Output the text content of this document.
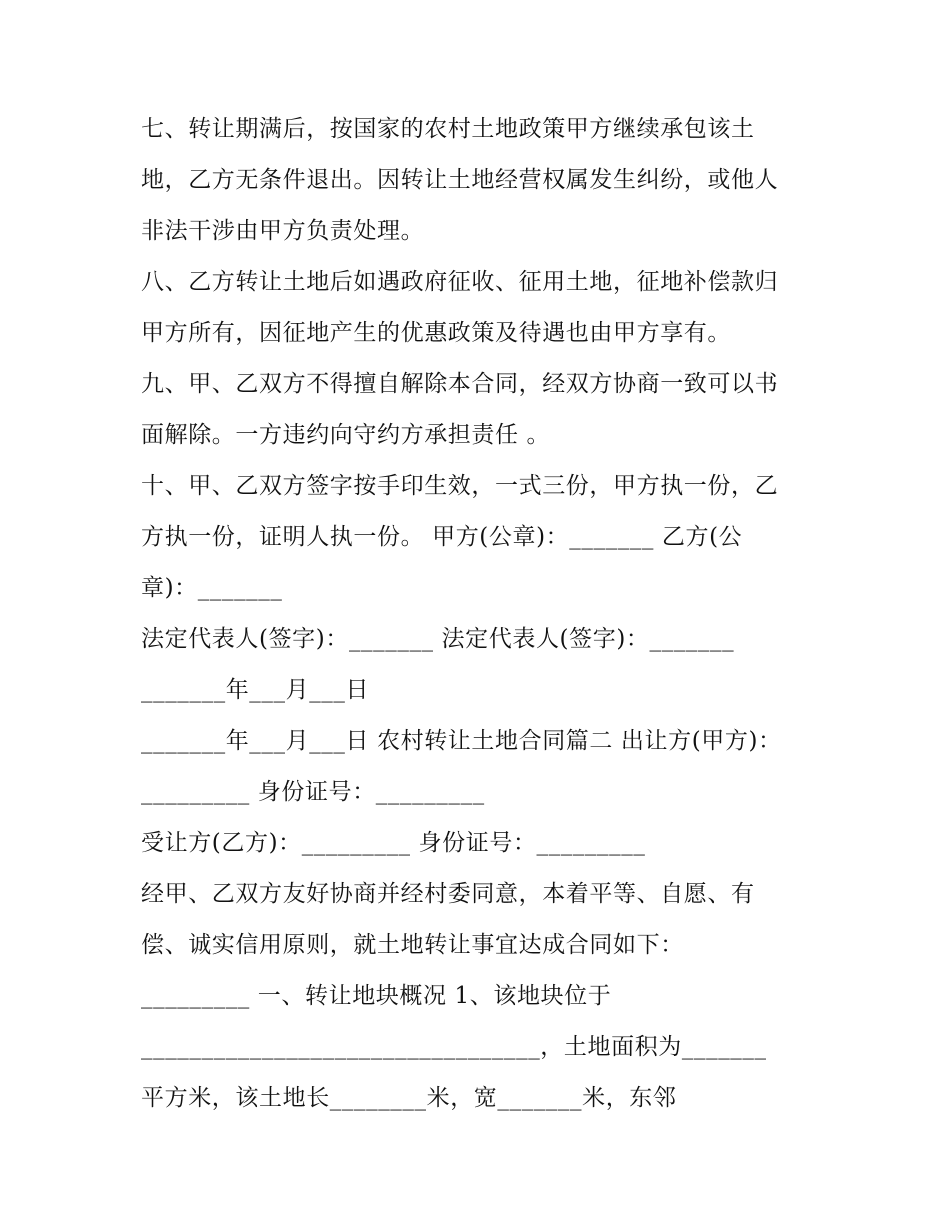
七、转让期满后，按国家的农村土地政策甲方继续承包该土
地，乙方无条件退出。因转让土地经营权属发生纠纷，或他人
非法干涉由甲方负责处理。
八、乙方转让土地后如遇政府征收、征用土地，征地补偿款归
甲方所有，因征地产生的优惠政策及待遇也由甲方享有。
九、甲、乙双方不得擅自解除本合同，经双方协商一致可以书
面解除。一方违约向守约方承担责任 。
十、甲、乙双方签字按手印生效，一式三份，甲方执一份，乙
方执一份，证明人执一份。 甲方(公章)：_______ 乙方(公
章)：_______
法定代表人(签字)：_______ 法定代表人(签字)：_______
_______年___月___日
_______年___月___日 农村转让土地合同篇二 出让方(甲方)：
_________ 身份证号：_________
受让方(乙方)：_________ 身份证号：_________
经甲、乙双方友好协商并经村委同意，本着平等、自愿、有
偿、诚实信用原则，就土地转让事宜达成合同如下：
_________ 一、转让地块概况 1、该地块位于
_________________________________，土地面积为_______
平方米，该土地长________米，宽_______米，东邻
